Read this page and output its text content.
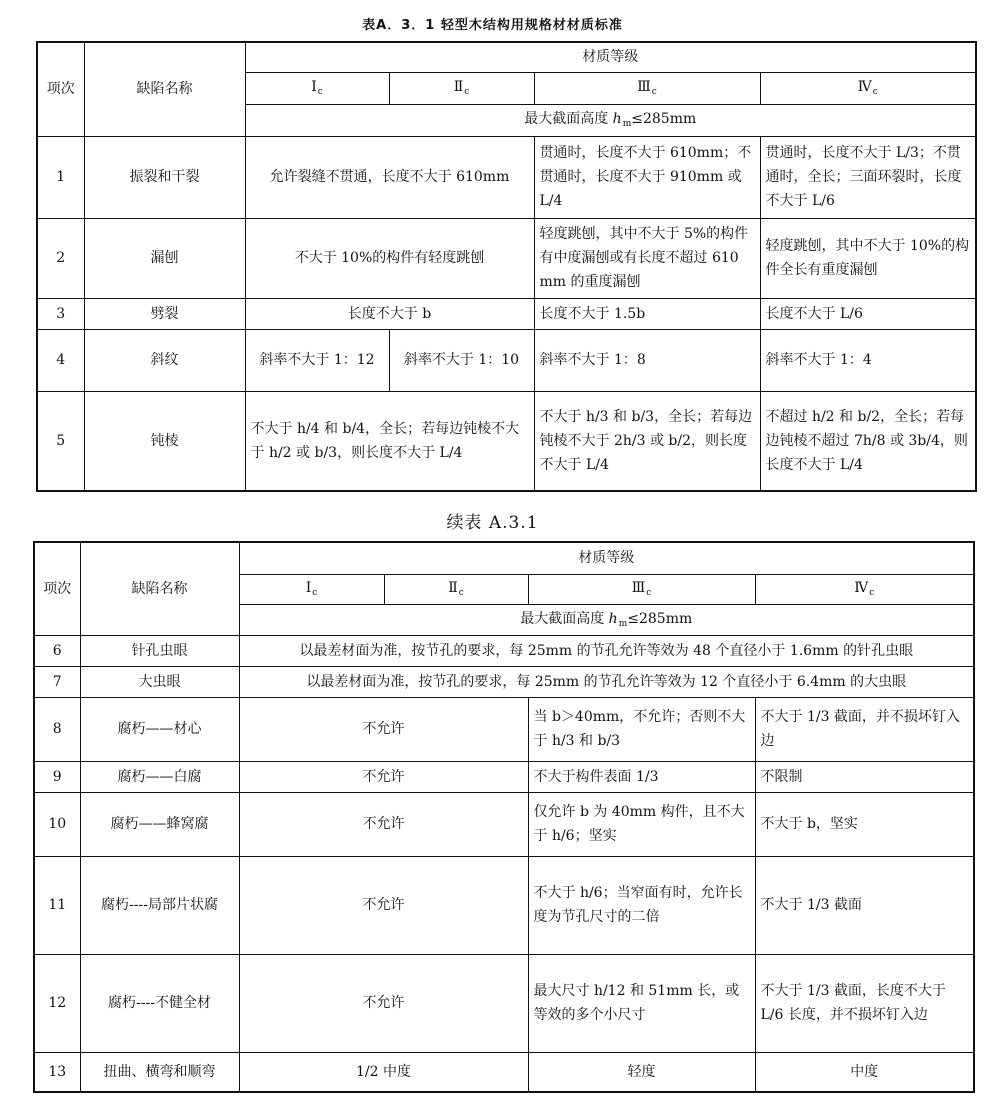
表A．3．1 轻型木结构用规格材材质标准
项次	缺陷名称	材质等级			
		$Ⅰ_c$	$Ⅱ_c$	$Ⅲ_c$	$Ⅳ_c$
		最大截面高度 $h_m\le 285mm$			
1	振裂和干裂	允许裂缝不贯通，长度不大于 610mm		贯通时，长度不大于 610mm；不贯通时，长度不大于 910mm 或 L/4	贯通时，长度不大于 L/3；不贯通时，全长；三面环裂时，长度不大于 L/6
2	漏刨	不大于 10%的构件有轻度跳刨		轻度跳刨，其中不大于 5%的构件有中度漏刨或有长度不超过 610 mm 的重度漏刨	轻度跳刨，其中不大于 10%的构件全长有重度漏刨
3	劈裂	长度不大于 b		长度不大于 1.5b	长度不大于 L/6
4	斜纹	斜率不大于 1：12	斜率不大于 1：10	斜率不大于 1：8	斜率不大于 1：4
5	钝棱	不大于 h/4 和 b/4，全长；若每边钝棱不大于 h/2 或 b/3，则长度不大于 L/4		不大于 h/3 和 b/3，全长；若每边钝棱不大于 2h/3 或 b/2，则长度不大于 L/4	不超过 h/2 和 b/2，全长；若每边钝棱不超过 7h/8 或 3b/4，则长度不大于 L/4
续表 A.3.1
项次	缺陷名称	材质等级			
		$Ⅰ_c$	$Ⅱ_c$	$Ⅲ_c$	$Ⅳ_c$
		最大截面高度 $h_m\le 285mm$			
6	针孔虫眼	以最差材面为准，按节孔的要求，每 25mm 的节孔允许等效为 48 个直径小于 1.6mm 的针孔虫眼			
7	大虫眼	以最差材面为准，按节孔的要求，每 25mm 的节孔允许等效为 12 个直径小于 6.4mm 的大虫眼			
8	腐朽——材心	不允许		当 b＞40mm，不允许；否则不大于 h/3 和 b/3	不大于 1/3 截面，并不损坏钉入边
9	腐朽——白腐	不允许		不大于构件表面 1/3	不限制
10	腐朽——蜂窝腐	不允许		仅允许 b 为 40mm 构件，且不大于 h/6；坚实	不大于 b，坚实
11	腐朽----局部片状腐	不允许		不大于 h/6；当窄面有时，允许长度为节孔尺寸的二倍	不大于 1/3 截面
12	腐朽----不健全材	不允许		最大尺寸 h/12 和 51mm 长，或等效的多个小尺寸	不大于 1/3 截面，长度不大于 L/6 长度，并不损坏钉入边
13	扭曲、横弯和顺弯	1/2 中度		轻度	中度
